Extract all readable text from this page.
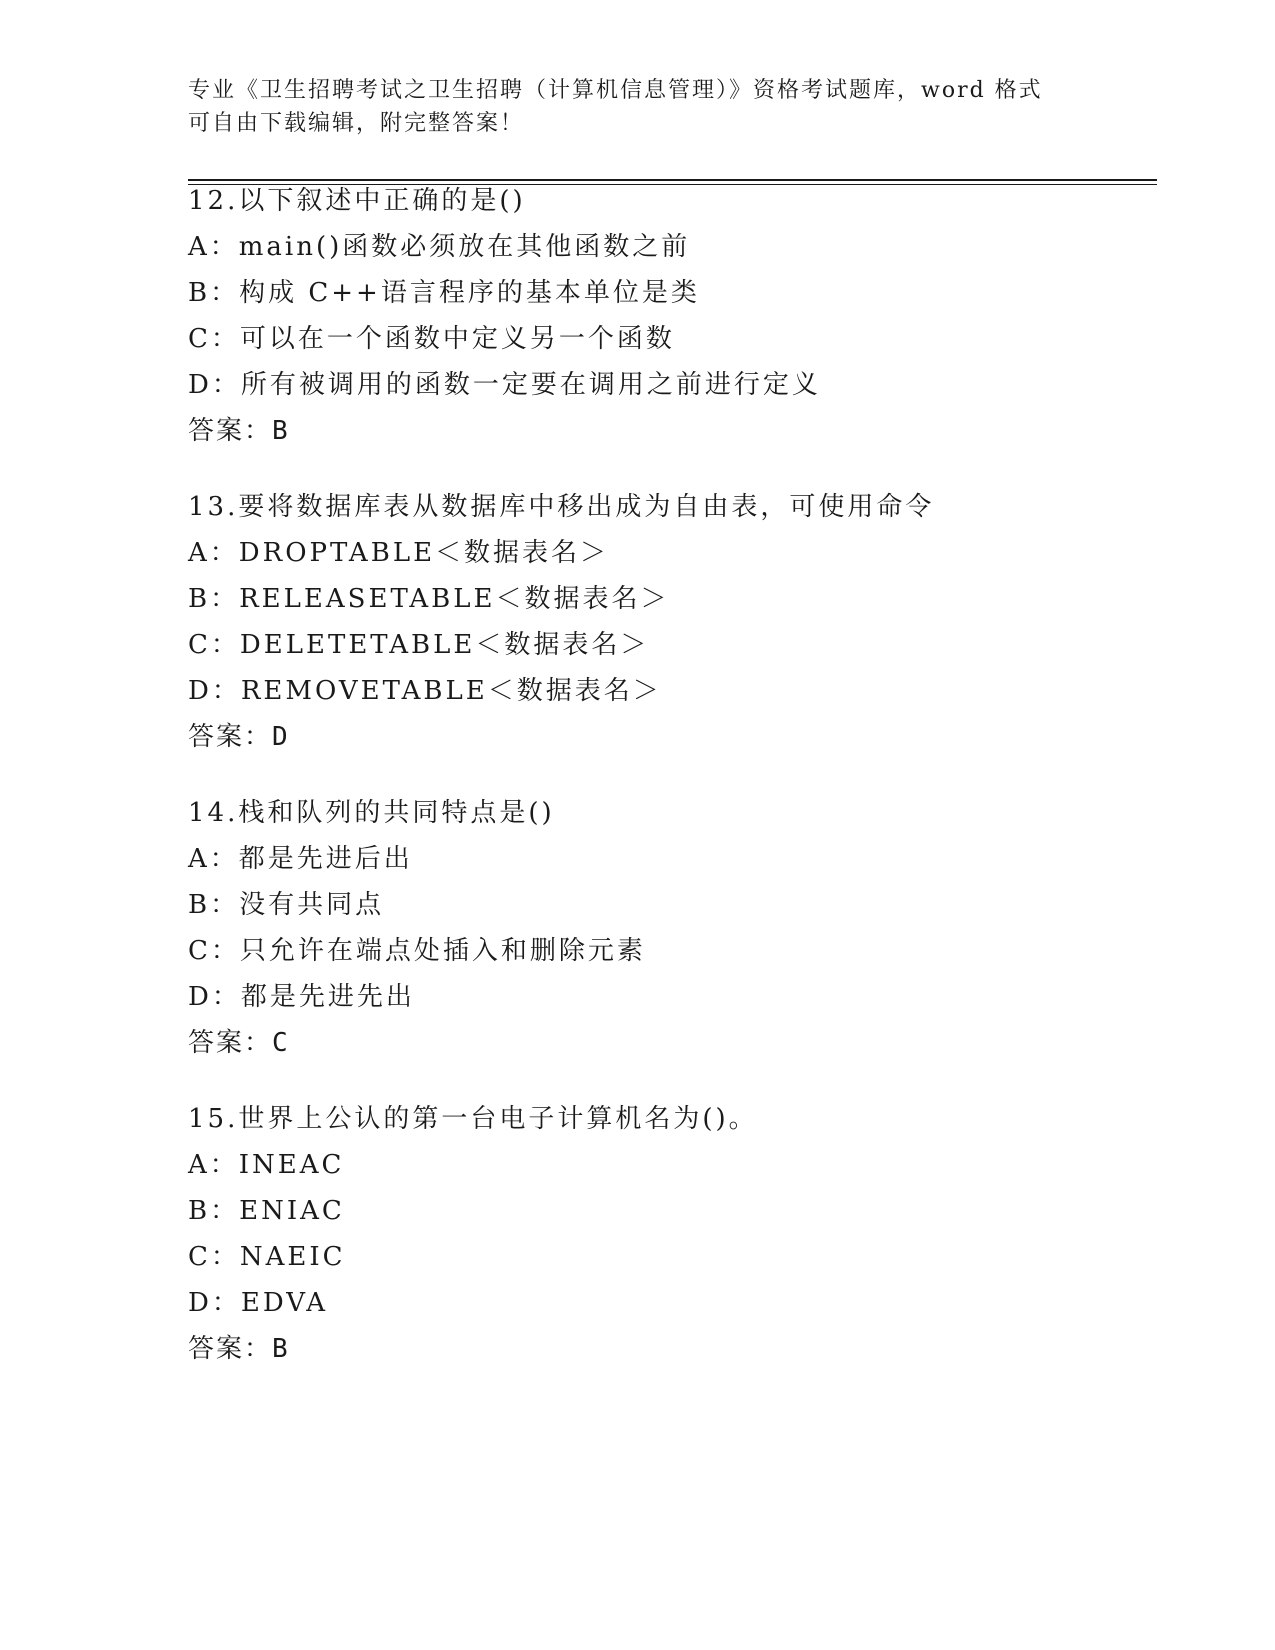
专业《卫生招聘考试之卫生招聘（计算机信息管理）》资格考试题库，word 格式
可自由下载编辑，附完整答案！
12.以下叙述中正确的是()
A：main()函数必须放在其他函数之前
B：构成 C++语言程序的基本单位是类
C：可以在一个函数中定义另一个函数
D：所有被调用的函数一定要在调用之前进行定义
答案：B
13.要将数据库表从数据库中移出成为自由表，可使用命令
A：DROPTABLE＜数据表名＞
B：RELEASETABLE＜数据表名＞
C：DELETETABLE＜数据表名＞
D：REMOVETABLE＜数据表名＞
答案：D
14.栈和队列的共同特点是()
A：都是先进后出
B：没有共同点
C：只允许在端点处插入和删除元素
D：都是先进先出
答案：C
15.世界上公认的第一台电子计算机名为()。
A：INEAC
B：ENIAC
C：NAEIC
D：EDVA
答案：B
